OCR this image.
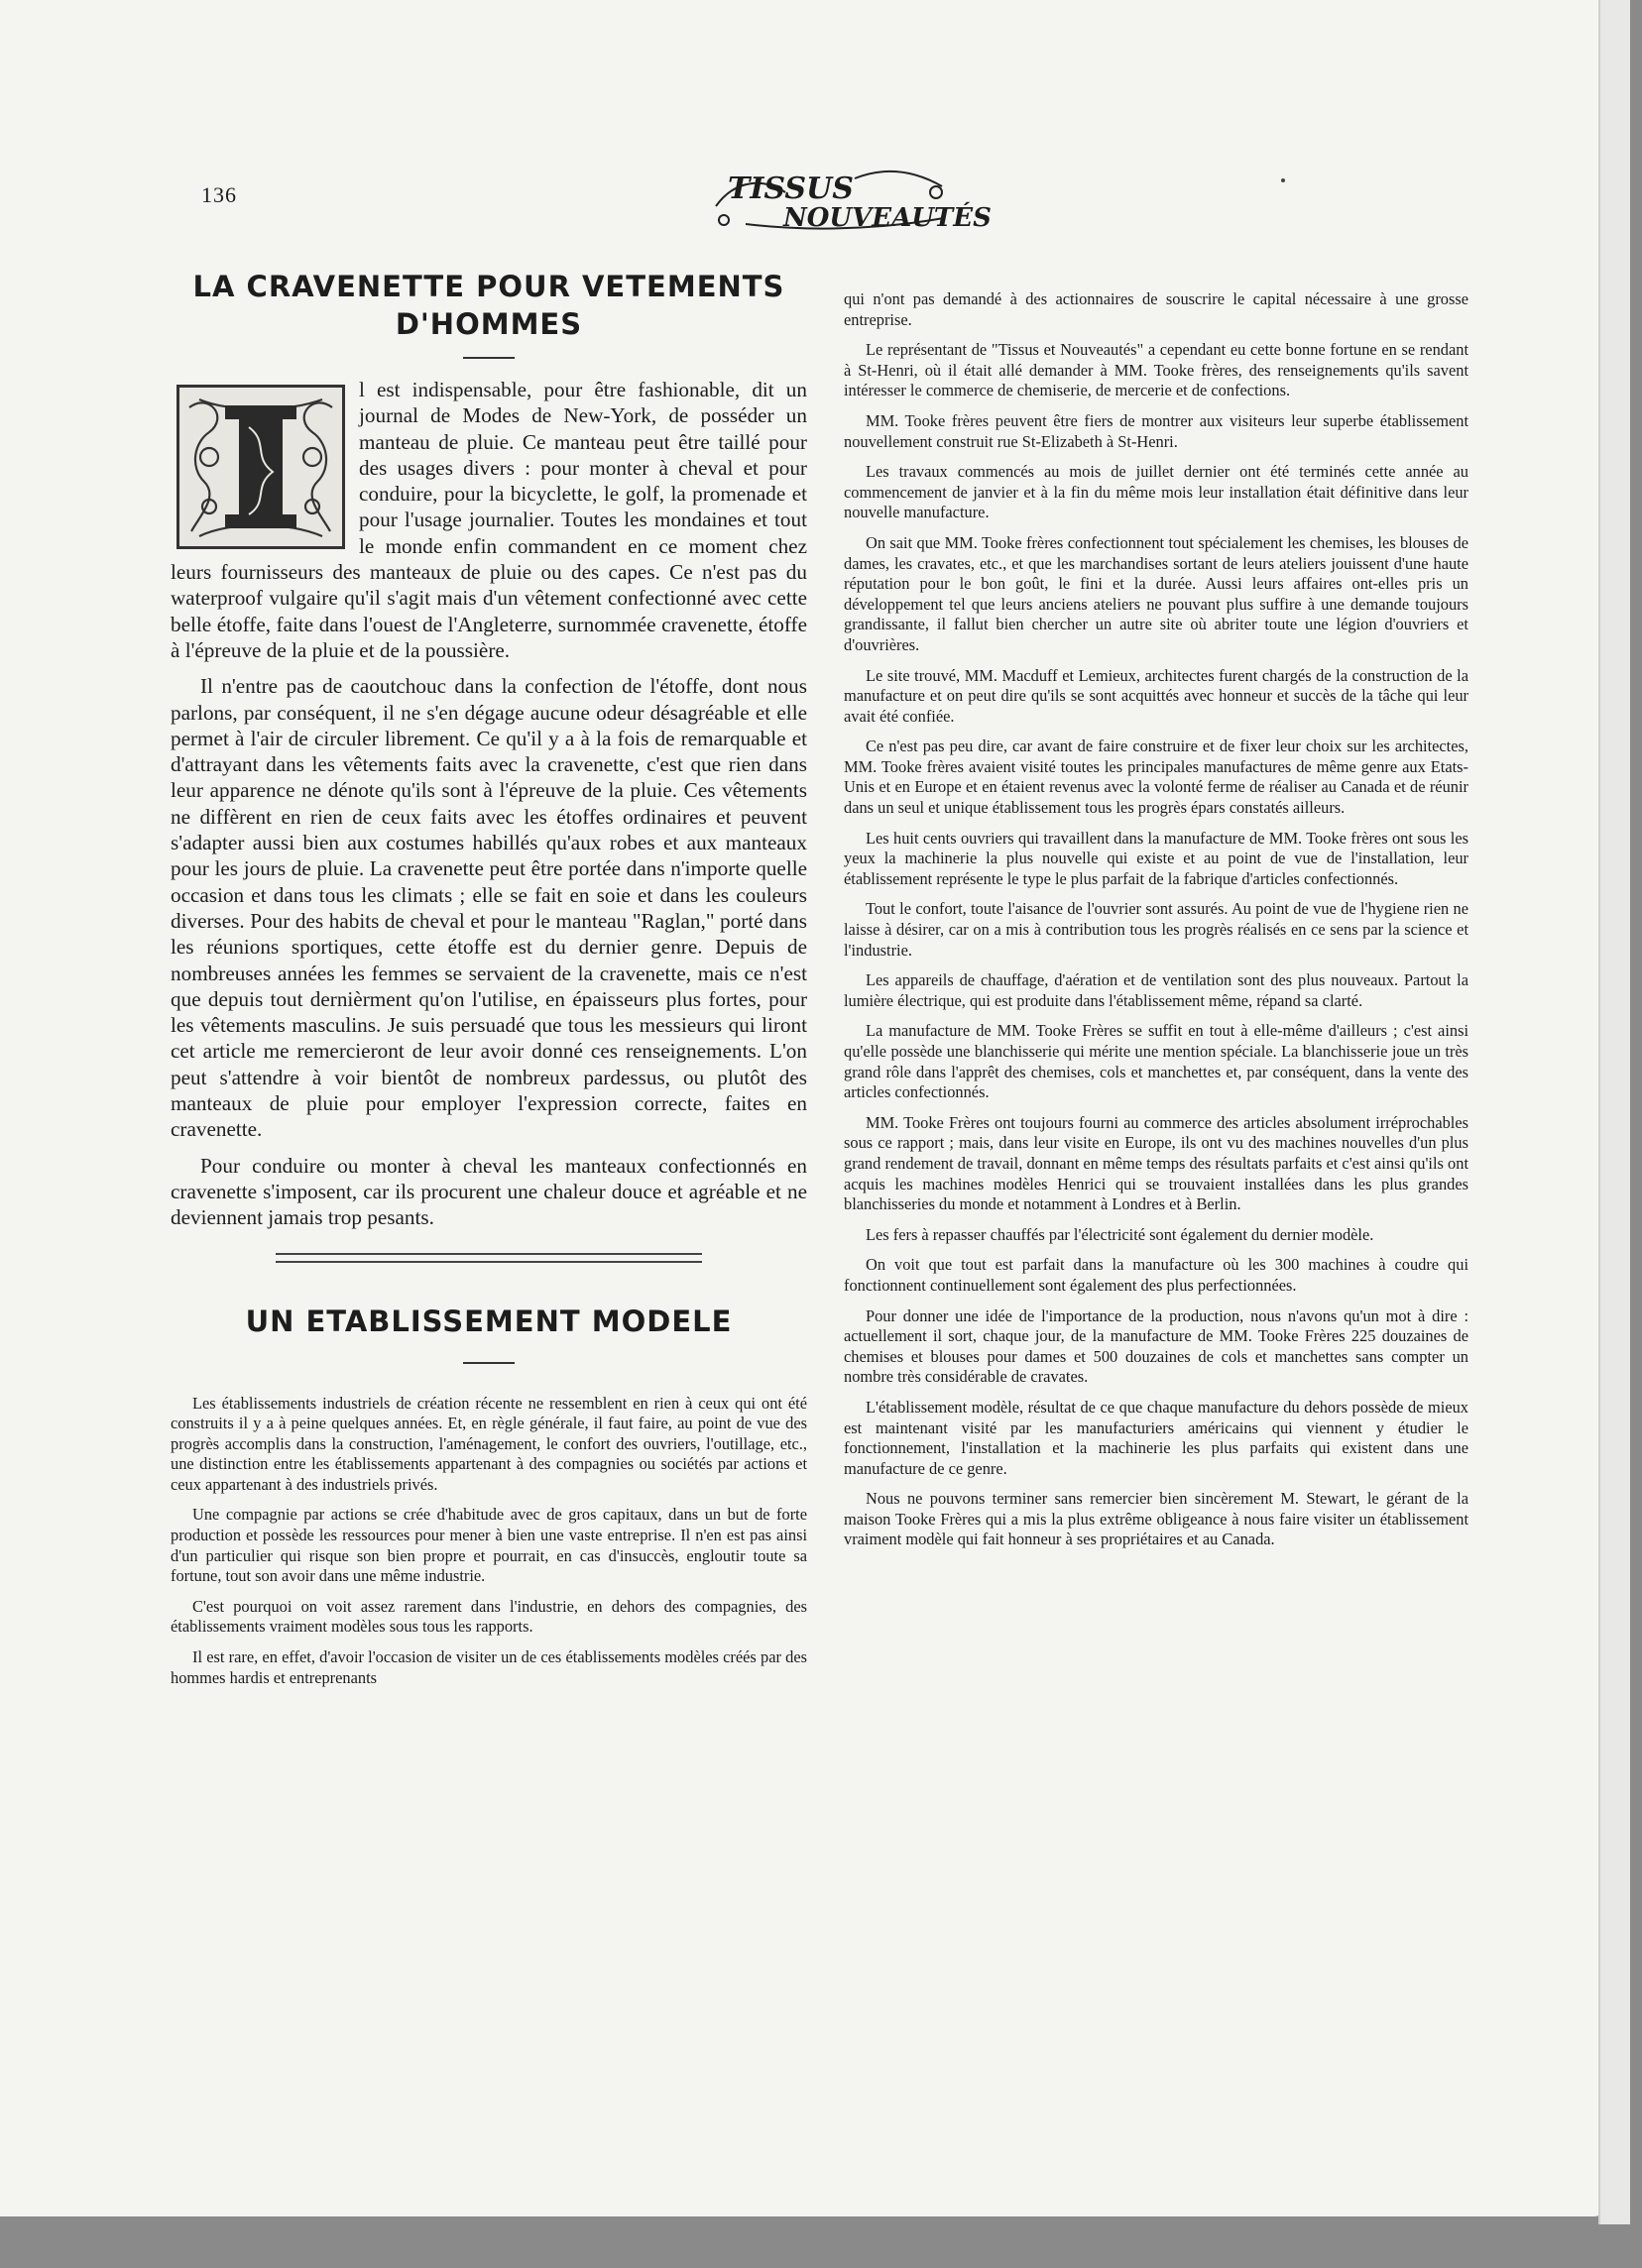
136	TISSUS
NOUVEAUTÉS
LA CRAVENETTE POUR VETEMENTS D'HOMMES

l est indispensable, pour être fashionable, dit un journal de Modes de New-York, de posséder un manteau de pluie. Ce manteau peut être taillé pour des usages divers : pour monter à cheval et pour conduire, pour la bicyclette, le golf, la promenade et pour l'usage journalier. Toutes les mondaines et tout le monde enfin commandent en ce moment chez leurs fournisseurs des manteaux de pluie ou des capes. Ce n'est pas du waterproof vulgaire qu'il s'agit mais d'un vêtement confectionné avec cette belle étoffe, faite dans l'ouest de l'Angleterre, surnommée cravenette, étoffe à l'épreuve de la pluie et de la poussière.

Il n'entre pas de caoutchouc dans la confection de l'étoffe, dont nous parlons, par conséquent, il ne s'en dégage aucune odeur désagréable et elle permet à l'air de circuler librement. Ce qu'il y a à la fois de remarquable et d'attrayant dans les vêtements faits avec la cravenette, c'est que rien dans leur apparence ne dénote qu'ils sont à l'épreuve de la pluie. Ces vêtements ne diffèrent en rien de ceux faits avec les étoffes ordinaires et peuvent s'adapter aussi bien aux costumes habillés qu'aux robes et aux manteaux pour les jours de pluie. La cravenette peut être portée dans n'importe quelle occasion et dans tous les climats ; elle se fait en soie et dans les couleurs diverses. Pour des habits de cheval et pour le manteau "Raglan," porté dans les réunions sportiques, cette étoffe est du dernier genre. Depuis de nombreuses années les femmes se servaient de la cravenette, mais ce n'est que depuis tout dernièrment qu'on l'utilise, en épaisseurs plus fortes, pour les vêtements masculins. Je suis persuadé que tous les messieurs qui liront cet article me remercieront de leur avoir donné ces renseignements. L'on peut s'attendre à voir bientôt de nombreux pardessus, ou plutôt des manteaux de pluie pour employer l'expression correcte, faites en cravenette.

Pour conduire ou monter à cheval les manteaux confectionnés en cravenette s'imposent, car ils procurent une chaleur douce et agréable et ne deviennent jamais trop pesants.

UN ETABLISSEMENT MODELE

Les établissements industriels de création récente ne ressemblent en rien à ceux qui ont été construits il y a à peine quelques années. Et, en règle générale, il faut faire, au point de vue des progrès accomplis dans la construction, l'aménagement, le confort des ouvriers, l'outillage, etc., une distinction entre les établissements appartenant à des compagnies ou sociétés par actions et ceux appartenant à des industriels privés.

Une compagnie par actions se crée d'habitude avec de gros capitaux, dans un but de forte production et possède les ressources pour mener à bien une vaste entreprise. Il n'en est pas ainsi d'un particulier qui risque son bien propre et pourrait, en cas d'insuccès, engloutir toute sa fortune, tout son avoir dans une même industrie.

C'est pourquoi on voit assez rarement dans l'industrie, en dehors des compagnies, des établissements vraiment modèles sous tous les rapports.

Il est rare, en effet, d'avoir l'occasion de visiter un de ces établissements modèles créés par des hommes hardis et entreprenants

qui n'ont pas demandé à des actionnaires de souscrire le capital nécessaire à une grosse entreprise.

Le représentant de "Tissus et Nouveautés" a cependant eu cette bonne fortune en se rendant à St-Henri, où il était allé demander à MM. Tooke frères, des renseignements qu'ils savent intéresser le commerce de chemiserie, de mercerie et de confections.

MM. Tooke frères peuvent être fiers de montrer aux visiteurs leur superbe établissement nouvellement construit rue St-Elizabeth à St-Henri.

Les travaux commencés au mois de juillet dernier ont été terminés cette année au commencement de janvier et à la fin du même mois leur installation était définitive dans leur nouvelle manufacture.

On sait que MM. Tooke frères confectionnent tout spécialement les chemises, les blouses de dames, les cravates, etc., et que les marchandises sortant de leurs ateliers jouissent d'une haute réputation pour le bon goût, le fini et la durée. Aussi leurs affaires ont-elles pris un développement tel que leurs anciens ateliers ne pouvant plus suffire à une demande toujours grandissante, il fallut bien chercher un autre site où abriter toute une légion d'ouvriers et d'ouvrières.

Le site trouvé, MM. Macduff et Lemieux, architectes furent chargés de la construction de la manufacture et on peut dire qu'ils se sont acquittés avec honneur et succès de la tâche qui leur avait été confiée.

Ce n'est pas peu dire, car avant de faire construire et de fixer leur choix sur les architectes, MM. Tooke frères avaient visité toutes les principales manufactures de même genre aux Etats-Unis et en Europe et en étaient revenus avec la volonté ferme de réaliser au Canada et de réunir dans un seul et unique établissement tous les progrès épars constatés ailleurs.

Les huit cents ouvriers qui travaillent dans la manufacture de MM. Tooke frères ont sous les yeux la machinerie la plus nouvelle qui existe et au point de vue de l'installation, leur établissement représente le type le plus parfait de la fabrique d'articles confectionnés.

Tout le confort, toute l'aisance de l'ouvrier sont assurés. Au point de vue de l'hygiene rien ne laisse à désirer, car on a mis à contribution tous les progrès réalisés en ce sens par la science et l'industrie.

Les appareils de chauffage, d'aération et de ventilation sont des plus nouveaux. Partout la lumière électrique, qui est produite dans l'établissement même, répand sa clarté.

La manufacture de MM. Tooke Frères se suffit en tout à elle-même d'ailleurs ; c'est ainsi qu'elle possède une blanchisserie qui mérite une mention spéciale. La blanchisserie joue un très grand rôle dans l'apprêt des chemises, cols et manchettes et, par conséquent, dans la vente des articles confectionnés.

MM. Tooke Frères ont toujours fourni au commerce des articles absolument irréprochables sous ce rapport ; mais, dans leur visite en Europe, ils ont vu des machines nouvelles d'un plus grand rendement de travail, donnant en même temps des résultats parfaits et c'est ainsi qu'ils ont acquis les machines modèles Henrici qui se trouvaient installées dans les plus grandes blanchisseries du monde et notamment à Londres et à Berlin.

Les fers à repasser chauffés par l'électricité sont également du dernier modèle.

On voit que tout est parfait dans la manufacture où les 300 machines à coudre qui fonctionnent continuellement sont également des plus perfectionnées.

Pour donner une idée de l'importance de la production, nous n'avons qu'un mot à dire : actuellement il sort, chaque jour, de la manufacture de MM. Tooke Frères 225 douzaines de chemises et blouses pour dames et 500 douzaines de cols et manchettes sans compter un nombre très considérable de cravates.

L'établissement modèle, résultat de ce que chaque manufacture du dehors possède de mieux est maintenant visité par les manufacturiers américains qui viennent y étudier le fonctionnement, l'installation et la machinerie les plus parfaits qui existent dans une manufacture de ce genre.

Nous ne pouvons terminer sans remercier bien sincèrement M. Stewart, le gérant de la maison Tooke Frères qui a mis la plus extrême obligeance à nous faire visiter un établissement vraiment modèle qui fait honneur à ses propriétaires et au Canada.
